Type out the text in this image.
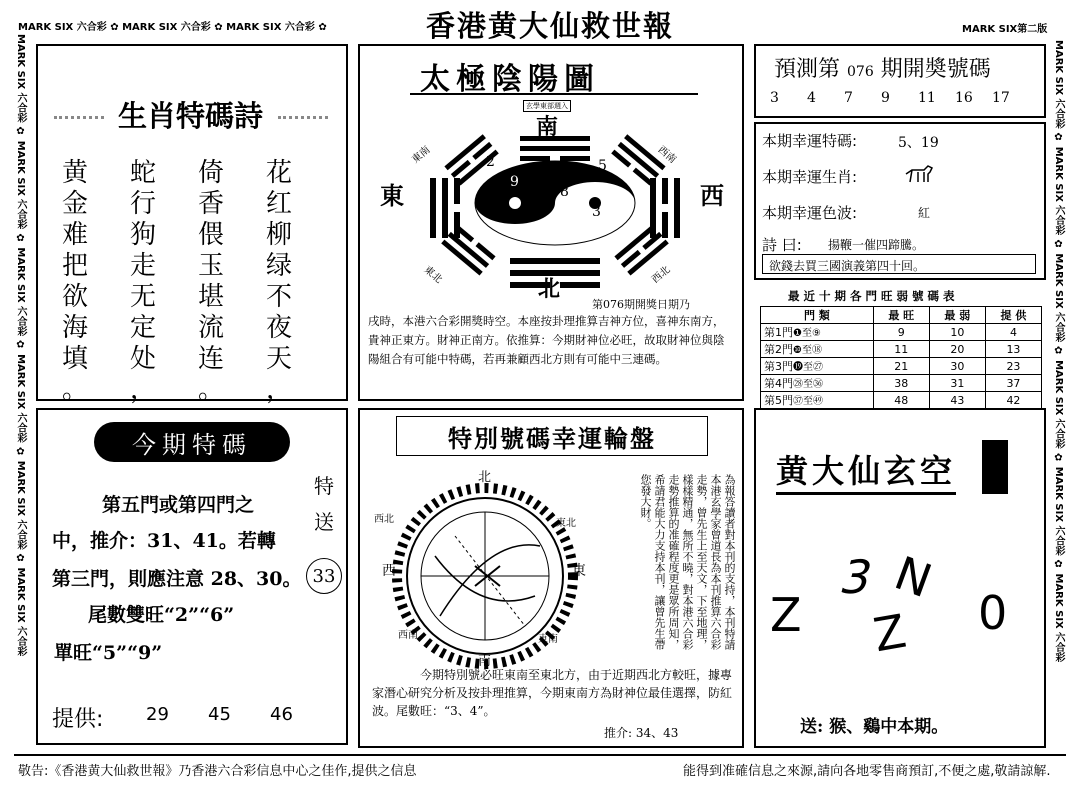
MARK SIX 六合彩 ✿ MARK SIX 六合彩 ✿ MARK SIX 六合彩 ✿	MARK SIX第二版
香港黄大仙救世報
MARK SIX 六合彩 ✿ MARK SIX 六合彩 ✿ MARK SIX 六合彩 ✿ MARK SIX 六合彩 ✿ MARK SIX 六合彩 ✿ MARK SIX 六合彩	MARK SIX 六合彩 ✿ MARK SIX 六合彩 ✿ MARK SIX 六合彩 ✿ MARK SIX 六合彩 ✿ MARK SIX 六合彩 ✿ MARK SIX 六合彩
生肖特碼詩
黄
金
难
把
欲
海
填
。
蛇
行
狗
走
无
定
处
，
倚
香
偎
玉
堪
流
连
。
花
红
柳
绿
不
夜
天
，
太極陰陽圖
玄學東部週入
南
北
東	西
東南	西南
東北	西北
2	5
9
8
6	3
第076期開獎日期乃
戌時，本港六合彩開獎時空。本座按卦理推算吉神方位，喜神东南方，貴神正東方。財神正南方。依推算：今期財神位必旺，故取財神位與陰陽組合有可能中特碼，若再兼顧西北方則有可能中三連碼。
預測第 076 期開奬號碼
3 4 7 9 11 16 17
本期幸運特碼:	5、19
本期幸運生肖:
本期幸運色波:	紅
詩 曰: 揚鞭一催四蹄騰。
欲錢去買三國演義第四十回。
最 近 十 期 各 門 旺 弱 號 碼 表
門 類	最 旺	最 弱	提 供
第1門❶至⑨	9	10	4
第2門❿至⑱	11	20	13
第3門⓳至㉗	21	30	23
第4門㉘至㊱	38	31	37
第5門㊲至㊾	48	43	42
今期特碼
第五門或第四門之
中，推介：31、41。若轉
第三門，則應注意 28、30。
尾數雙旺“2”“6”
單旺“5”“9”
特送
33
提供: 29 45 46
特別號碼幸運輪盤
北
南
西	東
西北	東北
西南	東南	為報答讀者對本刊的支持，本刊特請本港玄學家曾道長為本刊推算六合彩走勢，曾先生上至天文，下至地理，樣樣精通，無所不曉，對本港六合彩走勢推算的准確程度更是眾所周知，希請君能大力支持本刊，讓曾先生帶您發大財。
今期特別號必旺東南至東北方，由于近期西北方較旺，據專家潛心研究分析及按卦理推算，今期東南方為財神位最佳選擇，防紅波。尾數旺：“3、4”。
推介: 34、43
黄大仙玄空
Z
3 N
Z 0
送: 猴、鷄中本期。
敬告:《香港黄大仙救世報》乃香港六合彩信息中心之佳作,提供之信息	能得到准確信息之來源,請向各地零售商預訂,不便之處,敬請諒解.
